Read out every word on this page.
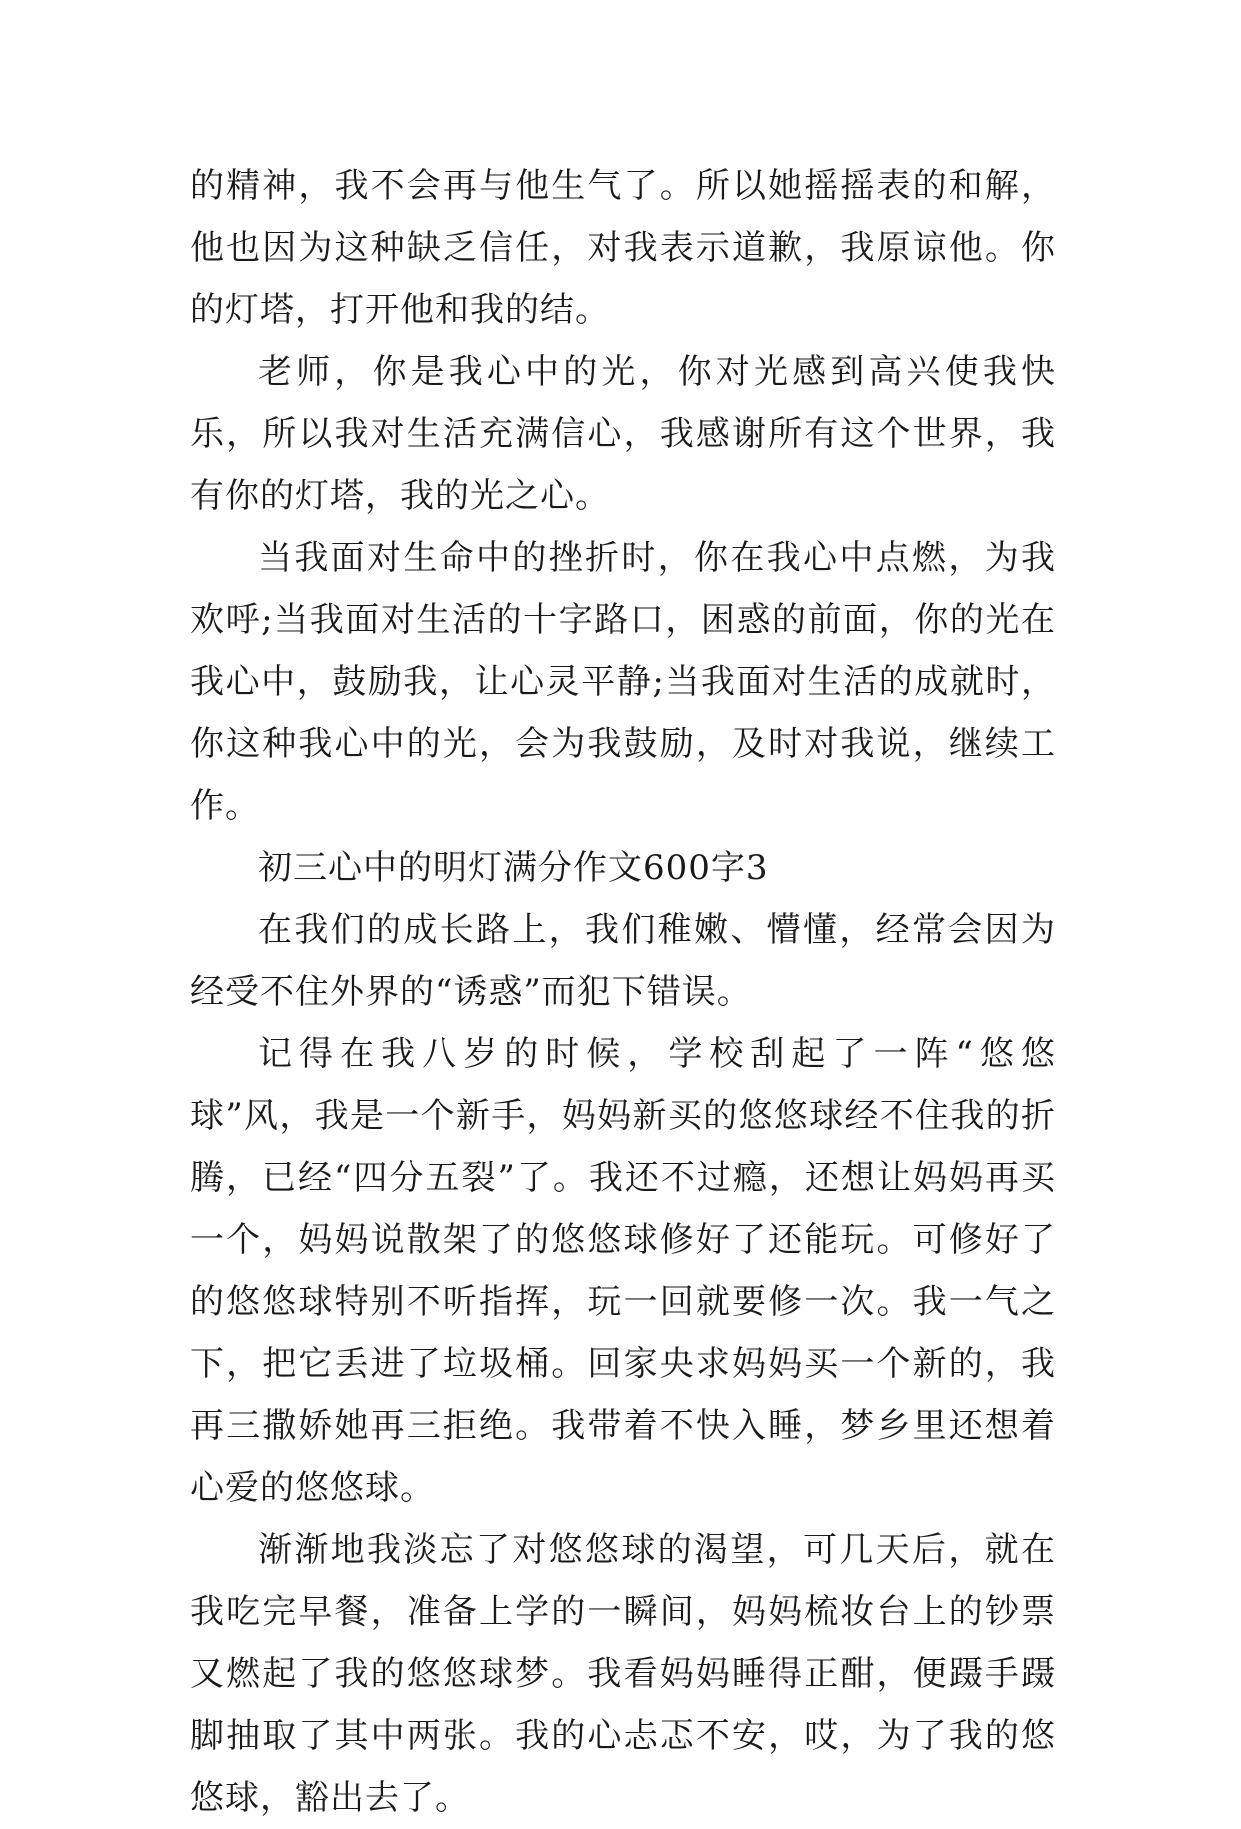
的精神，我不会再与他生气了。所以她摇摇表的和解，他也因为这种缺乏信任，对我表示道歉，我原谅他。你的灯塔，打开他和我的结。

老师，你是我心中的光，你对光感到高兴使我快乐，所以我对生活充满信心，我感谢所有这个世界，我有你的灯塔，我的光之心。

当我面对生命中的挫折时，你在我心中点燃，为我欢呼;当我面对生活的十字路口，困惑的前面，你的光在我心中，鼓励我，让心灵平静;当我面对生活的成就时，你这种我心中的光，会为我鼓励，及时对我说，继续工作。

初三心中的明灯满分作文600字3

在我们的成长路上，我们稚嫩、懵懂，经常会因为经受不住外界的“诱惑”而犯下错误。

记得在我八岁的时候，学校刮起了一阵“悠悠球”风，我是一个新手，妈妈新买的悠悠球经不住我的折腾，已经“四分五裂”了。我还不过瘾，还想让妈妈再买一个，妈妈说散架了的悠悠球修好了还能玩。可修好了的悠悠球特别不听指挥，玩一回就要修一次。我一气之下，把它丢进了垃圾桶。回家央求妈妈买一个新的，我再三撒娇她再三拒绝。我带着不快入睡，梦乡里还想着心爱的悠悠球。

渐渐地我淡忘了对悠悠球的渴望，可几天后，就在我吃完早餐，准备上学的一瞬间，妈妈梳妆台上的钞票又燃起了我的悠悠球梦。我看妈妈睡得正酣，便蹑手蹑脚抽取了其中两张。我的心忐忑不安，哎，为了我的悠悠球，豁出去了。
